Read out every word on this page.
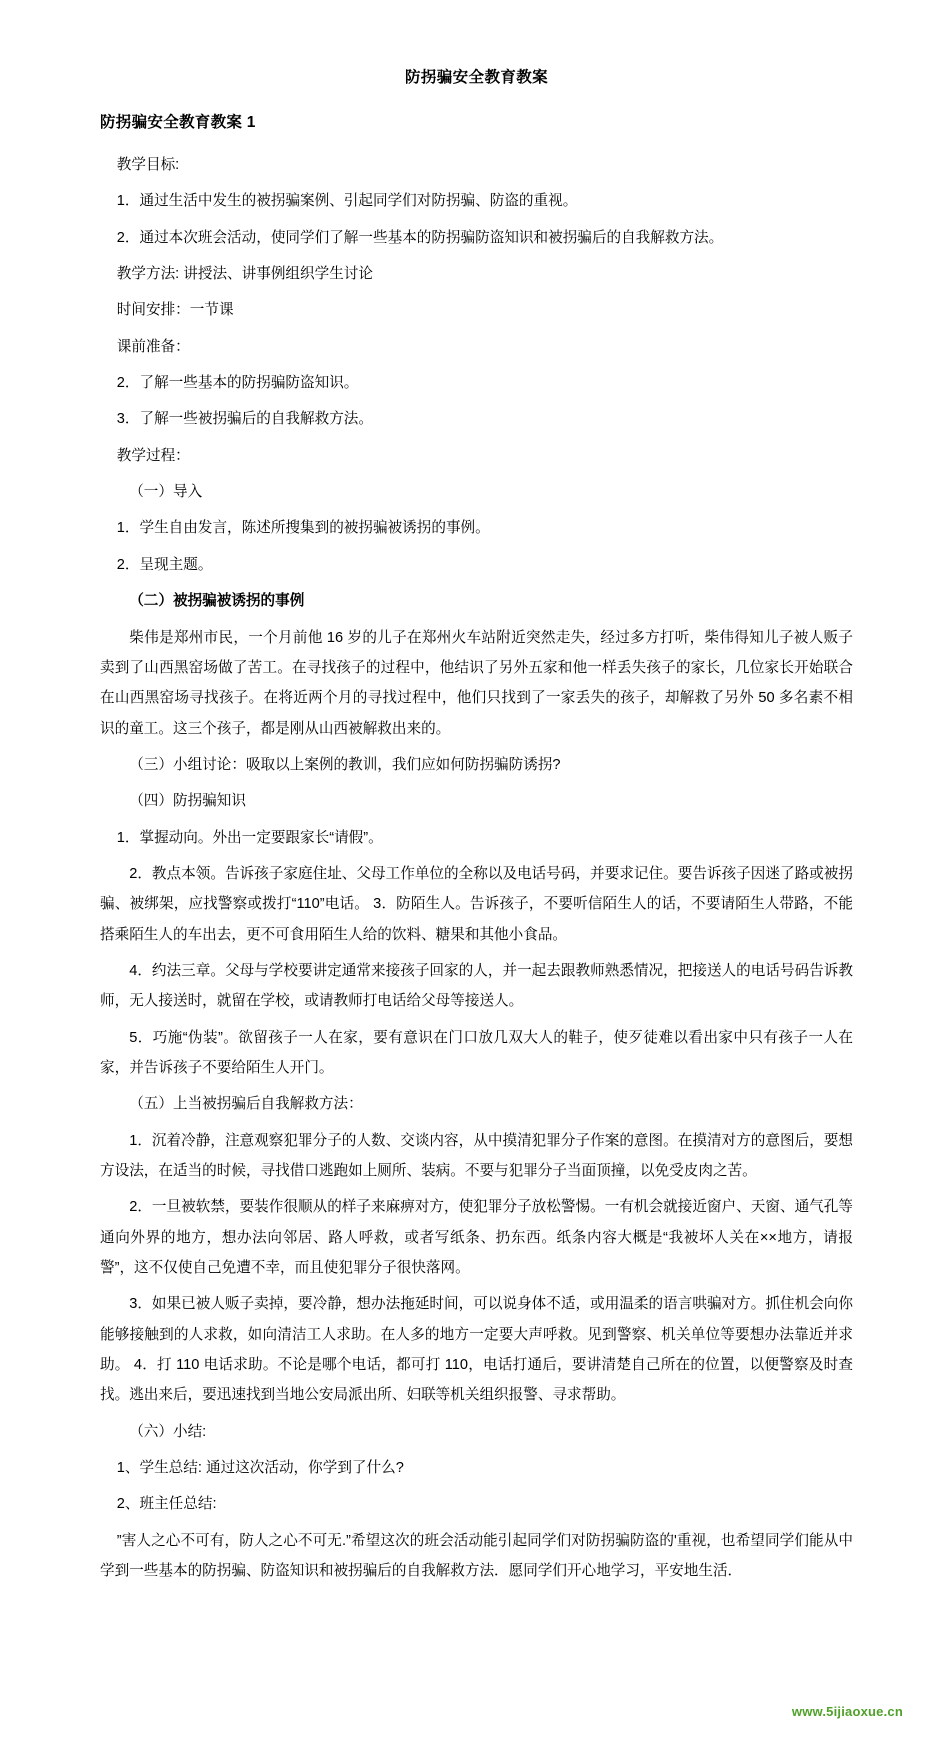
防拐骗安全教育教案
防拐骗安全教育教案 1

教学目标:

1．通过生活中发生的被拐骗案例、引起同学们对防拐骗、防盗的重视。

2．通过本次班会活动，使同学们了解一些基本的防拐骗防盗知识和被拐骗后的自我解救方法。

教学方法: 讲授法、讲事例组织学生讨论

时间安排：一节课

课前准备：

2．了解一些基本的防拐骗防盗知识。

3．了解一些被拐骗后的自我解救方法。

教学过程：

（一）导入

1．学生自由发言，陈述所搜集到的被拐骗被诱拐的事例。

2．呈现主题。

（二）被拐骗被诱拐的事例

柴伟是郑州市民，一个月前他 16 岁的儿子在郑州火车站附近突然走失，经过多方打听，柴伟得知儿子被人贩子卖到了山西黑窑场做了苦工。在寻找孩子的过程中，他结识了另外五家和他一样丢失孩子的家长，几位家长开始联合在山西黑窑场寻找孩子。在将近两个月的寻找过程中，他们只找到了一家丢失的孩子，却解救了另外 50 多名素不相识的童工。这三个孩子，都是刚从山西被解救出来的。

（三）小组讨论：吸取以上案例的教训，我们应如何防拐骗防诱拐?

（四）防拐骗知识

1．掌握动向。外出一定要跟家长“请假”。

2．教点本领。告诉孩子家庭住址、父母工作单位的全称以及电话号码，并要求记住。要告诉孩子因迷了路或被拐骗、被绑架，应找警察或拨打“110”电话。 3．防陌生人。告诉孩子，不要听信陌生人的话，不要请陌生人带路，不能搭乘陌生人的车出去，更不可食用陌生人给的饮料、糖果和其他小食品。

4．约法三章。父母与学校要讲定通常来接孩子回家的人，并一起去跟教师熟悉情况，把接送人的电话号码告诉教师，无人接送时，就留在学校，或请教师打电话给父母等接送人。

5．巧施“伪装”。欲留孩子一人在家，要有意识在门口放几双大人的鞋子，使歹徒难以看出家中只有孩子一人在家，并告诉孩子不要给陌生人开门。

（五）上当被拐骗后自我解救方法：

1．沉着冷静，注意观察犯罪分子的人数、交谈内容，从中摸清犯罪分子作案的意图。在摸清对方的意图后，要想方设法，在适当的时候，寻找借口逃跑如上厕所、装病。不要与犯罪分子当面顶撞，以免受皮肉之苦。

2．一旦被软禁，要装作很顺从的样子来麻痹对方，使犯罪分子放松警惕。一有机会就接近窗户、天窗、通气孔等通向外界的地方，想办法向邻居、路人呼救，或者写纸条、扔东西。纸条内容大概是“我被坏人关在××地方，请报警”，这不仅使自己免遭不幸，而且使犯罪分子很快落网。

3．如果已被人贩子卖掉，要冷静，想办法拖延时间，可以说身体不适，或用温柔的语言哄骗对方。抓住机会向你能够接触到的人求救，如向清洁工人求助。在人多的地方一定要大声呼救。见到警察、机关单位等要想办法靠近并求助。 4．打 110 电话求助。不论是哪个电话，都可打 110，电话打通后，要讲清楚自己所在的位置，以便警察及时查找。逃出来后，要迅速找到当地公安局派出所、妇联等机关组织报警、寻求帮助。

（六）小结:

1、学生总结: 通过这次活动，你学到了什么?

2、班主任总结:

”害人之心不可有，防人之心不可无.”希望这次的班会活动能引起同学们对防拐骗防盗的'重视，也希望同学们能从中学到一些基本的防拐骗、防盗知识和被拐骗后的自我解救方法．愿同学们开心地学习，平安地生活．

www.5ijiaoxue.cn
